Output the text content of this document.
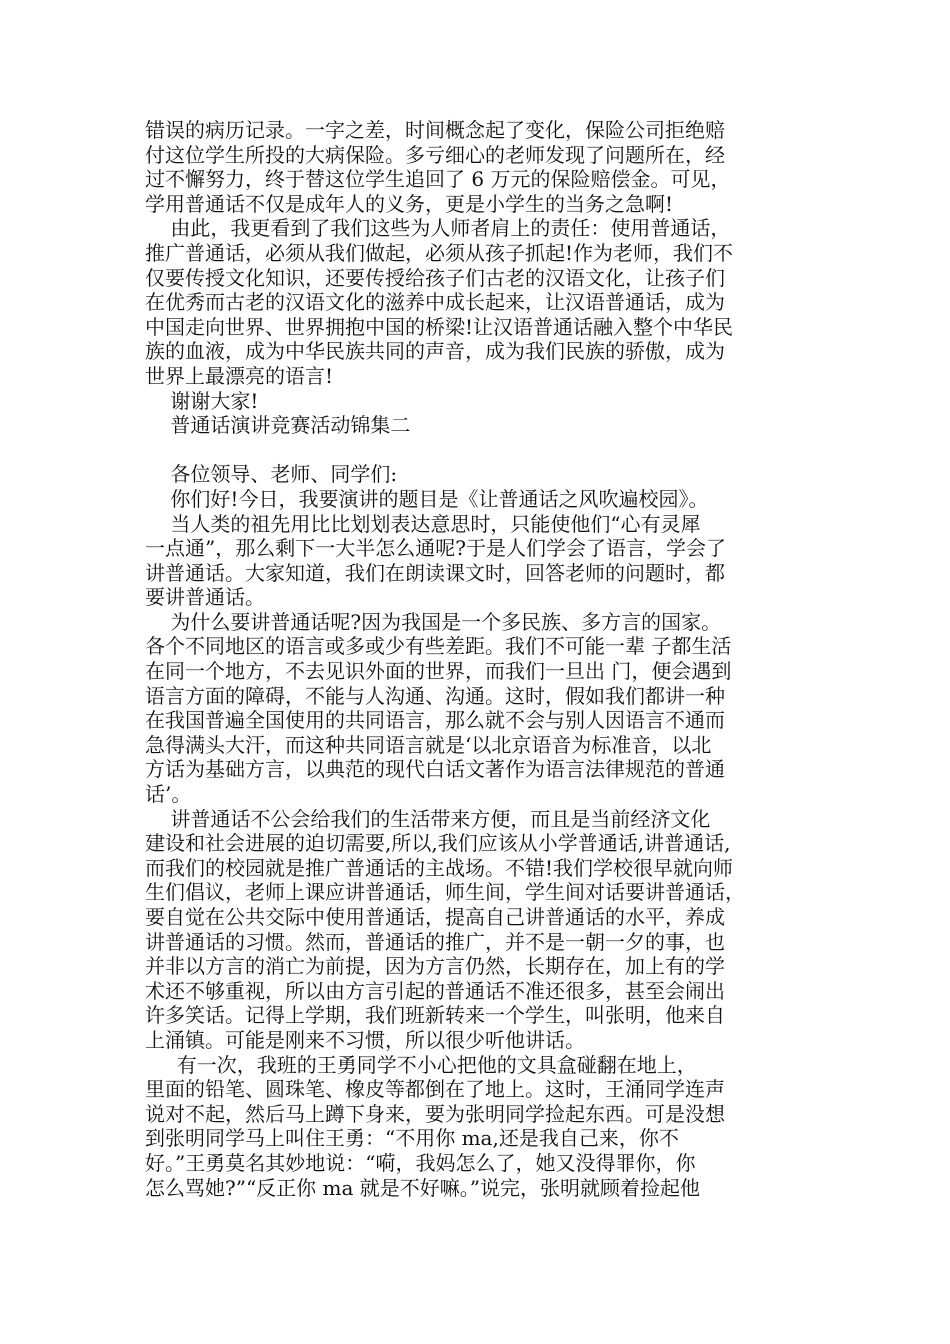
错误的病历记录。一字之差，时间概念起了变化，保险公司拒绝赔
付这位学生所投的大病保险。多亏细心的老师发现了问题所在，经
过不懈努力，终于替这位学生追回了 6 万元的保险赔偿金。可见，
学用普通话不仅是成年人的义务，更是小学生的当务之急啊!
由此，我更看到了我们这些为人师者肩上的责任：使用普通话，
推广普通话，必须从我们做起，必须从孩子抓起!作为老师，我们不
仅要传授文化知识，还要传授给孩子们古老的汉语文化，让孩子们
在优秀而古老的汉语文化的滋养中成长起来，让汉语普通话，成为
中国走向世界、世界拥抱中国的桥梁!让汉语普通话融入整个中华民
族的血液，成为中华民族共同的声音，成为我们民族的骄傲，成为
世界上最漂亮的语言!
谢谢大家!
普通话演讲竞赛活动锦集二
各位领导、老师、同学们:
你们好!今日，我要演讲的题目是《让普通话之风吹遍校园》。
当人类的祖先用比比划划表达意思时，只能使他们“心有灵犀
一点通”，那么剩下一大半怎么通呢?于是人们学会了语言，学会了
讲普通话。大家知道，我们在朗读课文时，回答老师的问题时，都
要讲普通话。
为什么要讲普通话呢?因为我国是一个多民族、多方言的国家。
各个不同地区的语言或多或少有些差距。我们不可能一辈 子都生活
在同一个地方，不去见识外面的世界，而我们一旦出 门，便会遇到
语言方面的障碍，不能与人沟通、沟通。这时，假如我们都讲一种
在我国普遍全国使用的共同语言，那么就不会与别人因语言不通而
急得满头大汗，而这种共同语言就是‘以北京语音为标准音，以北
方话为基础方言，以典范的现代白话文著作为语言法律规范的普通
话’。
讲普通话不公会给我们的生活带来方便，而且是当前经济文化
建设和社会进展的迫切需要,所以,我们应该从小学普通话,讲普通话,
而我们的校园就是推广普通话的主战场。不错!我们学校很早就向师
生们倡议，老师上课应讲普通话，师生间，学生间对话要讲普通话，
要自觉在公共交际中使用普通话，提高自己讲普通话的水平，养成
讲普通话的习惯。然而，普通话的推广，并不是一朝一夕的事，也
并非以方言的消亡为前提，因为方言仍然，长期存在，加上有的学
术还不够重视，所以由方言引起的普通话不准还很多，甚至会闹出
许多笑话。记得上学期，我们班新转来一个学生，叫张明，他来自
上涌镇。可能是刚来不习惯，所以很少听他讲话。
有一次，我班的王勇同学不小心把他的文具盒碰翻在地上，
里面的铅笔、圆珠笔、橡皮等都倒在了地上。这时，王涌同学连声
说对不起，然后马上蹲下身来，要为张明同学捡起东西。可是没想
到张明同学马上叫住王勇：“不用你 ma,还是我自己来，你不
好。”王勇莫名其妙地说：“嗬，我妈怎么了，她又没得罪你，你
怎么骂她?”“反正你 ma 就是不好嘛。”说完，张明就顾着捡起他
